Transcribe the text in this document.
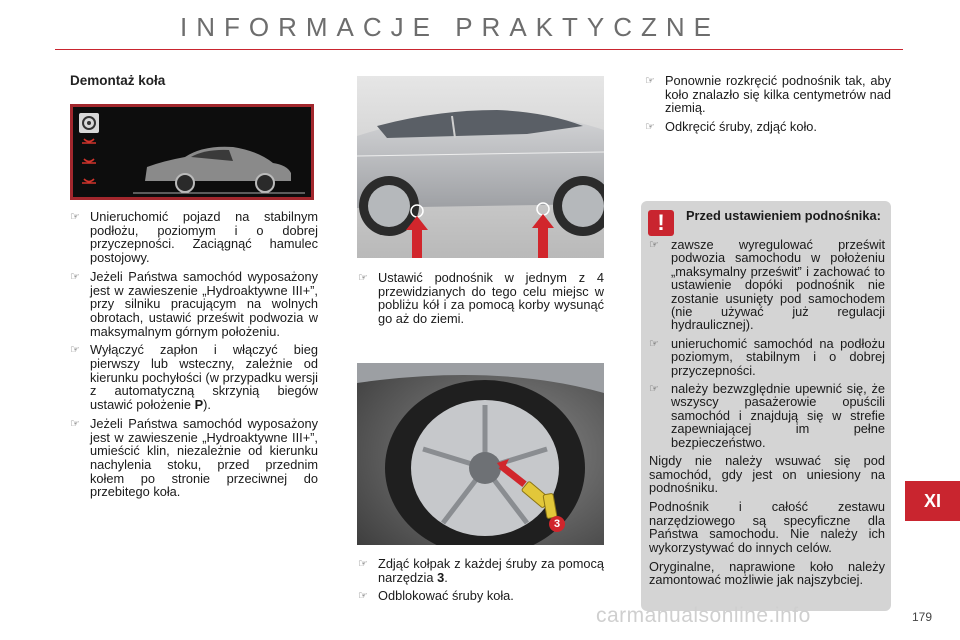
INFORMACJE PRAKTYCZNE
Demontaż koła
3
☞ Unieruchomić pojazd na stabilnym podłożu, poziomym i o dobrej przyczepności. Zaciągnąć hamulec postojowy.
☞ Jeżeli Państwa samochód wyposażony jest w zawieszenie „Hydroaktywne III+”, przy silniku pracującym na wolnych obrotach, ustawić prześwit podwozia w maksymalnym górnym położeniu.
☞ Wyłączyć zapłon i włączyć bieg pierwszy lub wsteczny, zależnie od kierunku pochyłości (w przypadku wersji z automatyczną skrzynią biegów ustawić położenie P).
☞ Jeżeli Państwa samochód wyposażony jest w zawieszenie „Hydroaktywne III+”, umieścić klin, niezależnie od kierunku nachylenia stoku, przed przednim kołem po stronie przeciwnej do przebitego koła.
☞ Ustawić podnośnik w jednym z 4 przewidzianych do tego celu miejsc w pobliżu kół i za pomocą korby wysunąć go aż do ziemi.
☞ Zdjąć kołpak z każdej śruby za pomocą narzędzia 3.
☞ Odblokować śruby koła.
☞ Ponownie rozkręcić podnośnik tak, aby koło znalazło się kilka centymetrów nad ziemią.
☞ Odkręcić śruby, zdjąć koło.
!	Przed ustawieniem podnośnika:
☞ zawsze wyregulować prześwit podwozia samochodu w położeniu „maksymalny prześwit” i zachować to ustawienie dopóki podnośnik nie zostanie usunięty pod samochodem (nie używać już regulacji hydraulicznej).
☞ unieruchomić samochód na podłożu poziomym, stabilnym i o dobrej przyczepności.
☞ należy bezwzględnie upewnić się, że wszyscy pasażerowie opuścili samochód i znajdują się w strefie zapewniającej im pełne bezpieczeństwo.
Nigdy nie należy wsuwać się pod samochód, gdy jest on uniesiony na podnośniku.
Podnośnik i całość zestawu narzędziowego są specyficzne dla Państwa samochodu. Nie należy ich wykorzystywać do innych celów.
Oryginalne, naprawione koło należy zamontować możliwie jak najszybciej.
XI
carmanualsonline.info	179
